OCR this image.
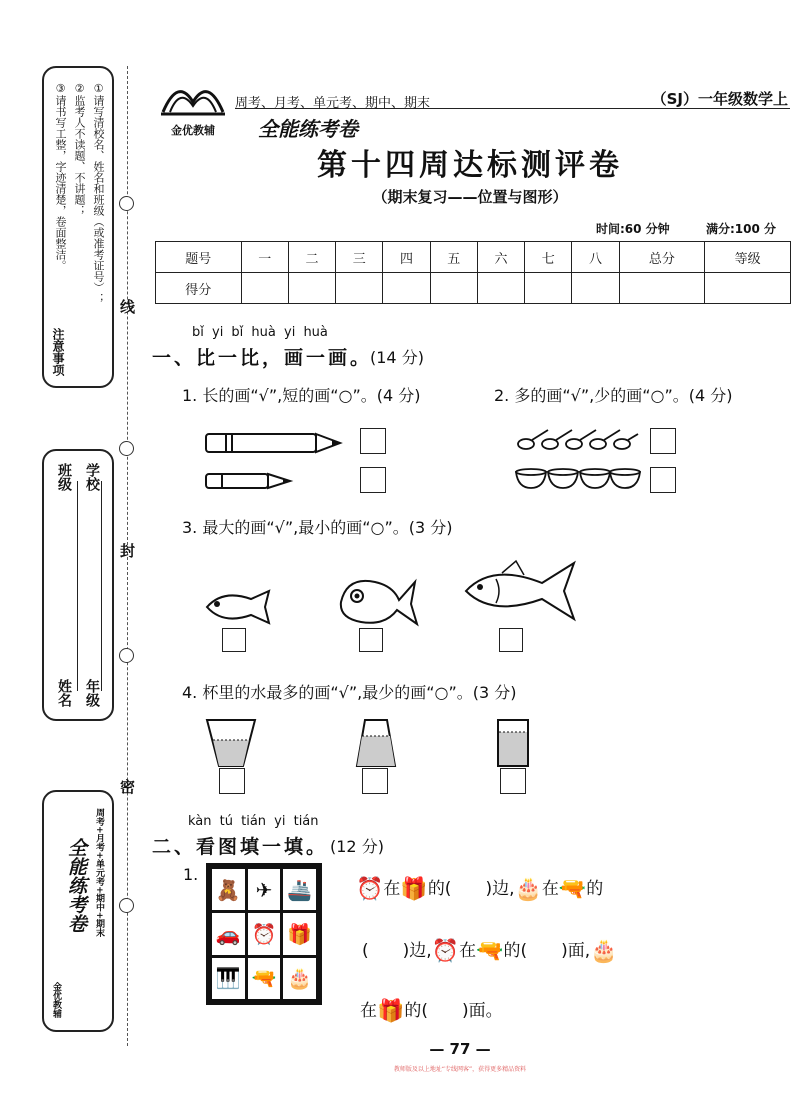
线
封
密
①请写清校名、姓名和班级（或准考证号）；
②监考人不读题、不讲题；
③请书写工整，字迹清楚，卷面整洁。
注意事项
学校
年级
班级
姓名
周考+月考+单元考+期中+期末
全能练考卷
金优教辅
金优教辅
周考、月考、单元考、期中、期末
全能练考卷
（SJ）一年级数学上
第十四周达标测评卷
（期末复习——位置与图形）
时间:60 分钟	满分:100 分
题号	一	二	三	四	五	六	七	八	总分	等级
得分										
bǐ yi bǐ huà yi huà
一、比一比，画一画。
(14 分)
1. 长的画“√”,短的画“○”。(4 分)	2. 多的画“√”,少的画“○”。(4 分)
3. 最大的画“√”,最小的画“○”。(3 分)
4. 杯里的水最多的画“√”,最少的画“○”。(3 分)
kàn tú tián yi tián
二、看图填一填。 (12 分)
1.
🧸 ✈ 🚢
🚗 ⏰ 🎁
🎹 🔫 🎂
⏰在🎁的(　　)边,🎂在🔫的
(　　)边,⏰在🔫的(　　)面,🎂
在🎁的(　　)面。
— 77 —
教师版及以上地址“专线网客”，获得更多精品资料
